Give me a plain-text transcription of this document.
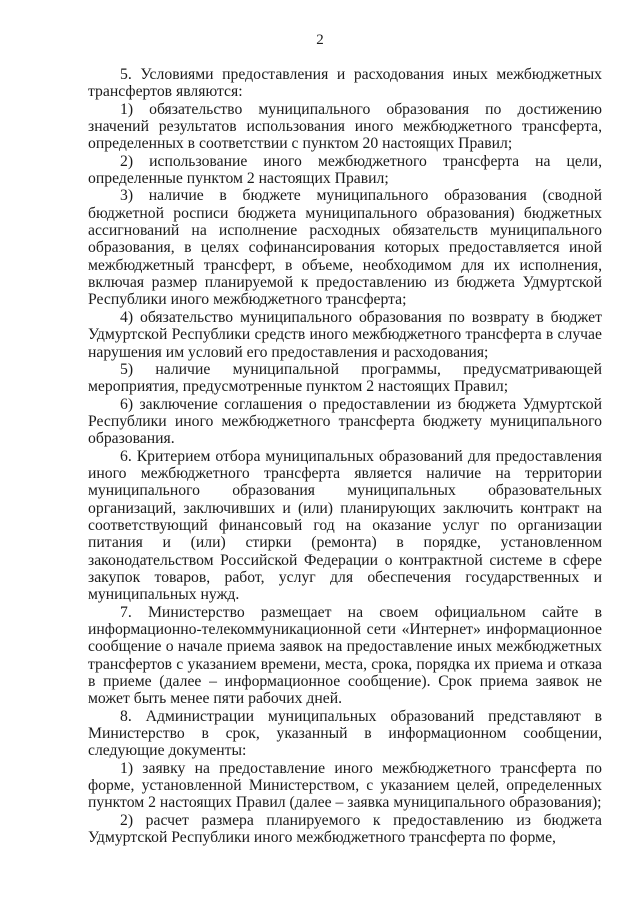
2

5. Условиями предоставления и расходования иных межбюджетных трансфертов являются:

1) обязательство муниципального образования по достижению значений результатов использования иного межбюджетного трансферта, определенных в соответствии с пунктом 20 настоящих Правил;

2) использование иного межбюджетного трансферта на цели, определенные пунктом 2 настоящих Правил;

3) наличие в бюджете муниципального образования (сводной бюджетной росписи бюджета муниципального образования) бюджетных ассигнований на исполнение расходных обязательств муниципального образования, в целях софинансирования которых предоставляется иной межбюджетный трансферт, в объеме, необходимом для их исполнения, включая размер планируемой к предоставлению из бюджета Удмуртской Республики иного межбюджетного трансферта;

4) обязательство муниципального образования по возврату в бюджет Удмуртской Республики средств иного межбюджетного трансферта в случае нарушения им условий его предоставления и расходования;

5) наличие муниципальной программы, предусматривающей мероприятия, предусмотренные пунктом 2 настоящих Правил;

6) заключение соглашения о предоставлении из бюджета Удмуртской Республики иного межбюджетного трансферта бюджету муниципального образования.

6. Критерием отбора муниципальных образований для предоставления иного межбюджетного трансферта является наличие на территории муниципального образования муниципальных образовательных организаций, заключивших и (или) планирующих заключить контракт на соответствующий финансовый год на оказание услуг по организации питания и (или) стирки (ремонта) в порядке, установленном законодательством Российской Федерации о контрактной системе в сфере закупок товаров, работ, услуг для обеспечения государственных и муниципальных нужд.

7. Министерство размещает на своем официальном сайте в информационно-телекоммуникационной сети «Интернет» информационное сообщение о начале приема заявок на предоставление иных межбюджетных трансфертов с указанием времени, места, срока, порядка их приема и отказа в приеме (далее – информационное сообщение). Срок приема заявок не может быть менее пяти рабочих дней.

8. Администрации муниципальных образований представляют в Министерство в срок, указанный в информационном сообщении, следующие документы:

1) заявку на предоставление иного межбюджетного трансферта по форме, установленной Министерством, с указанием целей, определенных пунктом 2 настоящих Правил (далее – заявка муниципального образования);

2) расчет размера планируемого к предоставлению из бюджета Удмуртской Республики иного межбюджетного трансферта по форме,
